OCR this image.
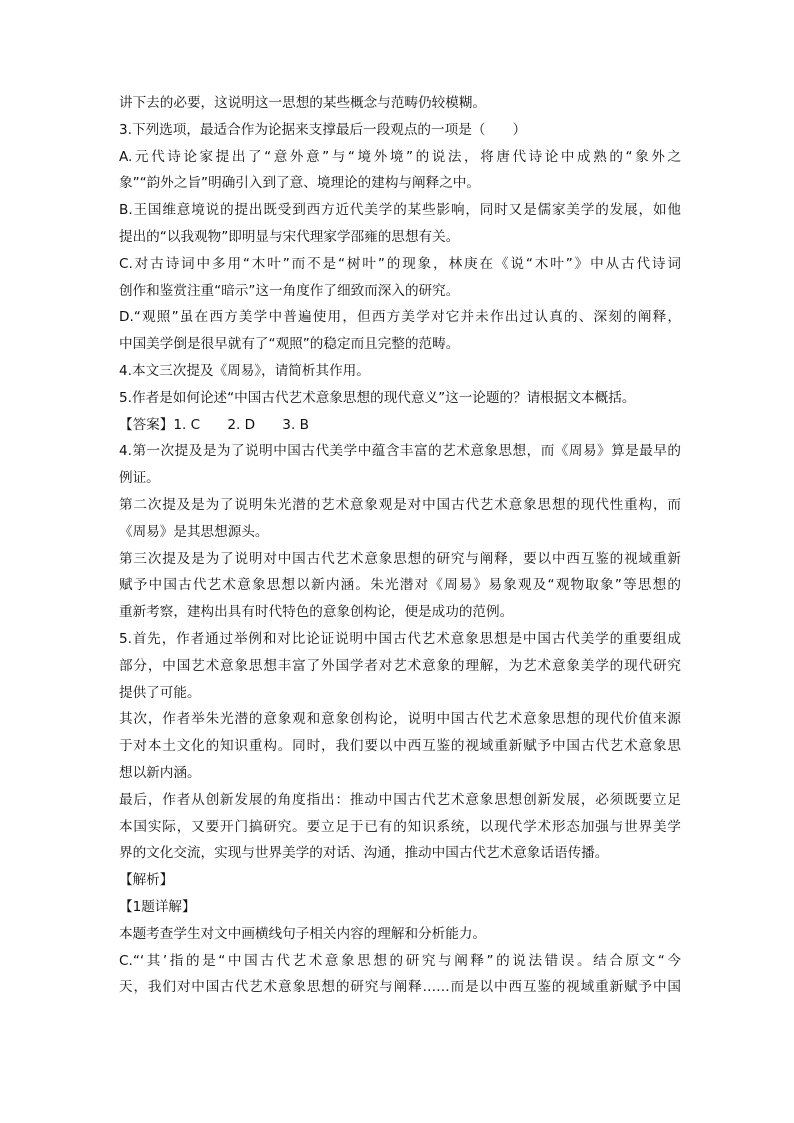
讲下去的必要，这说明这一思想的某些概念与范畴仍较模糊。
3.下列选项，最适合作为论据来支撑最后一段观点的一项是（　　）
A.元代诗论家提出了“意外意”与“境外境”的说法，将唐代诗论中成熟的“象外之
象”“韵外之旨”明确引入到了意、境理论的建构与阐释之中。
B.王国维意境说的提出既受到西方近代美学的某些影响，同时又是儒家美学的发展，如他
提出的“以我观物”即明显与宋代理家学邵雍的思想有关。
C.对古诗词中多用“木叶”而不是“树叶”的现象，林庚在《说“木叶”》中从古代诗词
创作和鉴赏注重“暗示”这一角度作了细致而深入的研究。
D.“观照”虽在西方美学中普遍使用，但西方美学对它并未作出过认真的、深刻的阐释，
中国美学倒是很早就有了“观照”的稳定而且完整的范畴。
4.本文三次提及《周易》，请简析其作用。
5.作者是如何论述“中国古代艺术意象思想的现代意义”这一论题的？请根据文本概括。
【答案】1. C　　2. D　　3. B
4.第一次提及是为了说明中国古代美学中蕴含丰富的艺术意象思想，而《周易》算是最早的
例证。
第二次提及是为了说明朱光潜的艺术意象观是对中国古代艺术意象思想的现代性重构，而
《周易》是其思想源头。
第三次提及是为了说明对中国古代艺术意象思想的研究与阐释，要以中西互鉴的视域重新
赋予中国古代艺术意象思想以新内涵。朱光潜对《周易》易象观及“观物取象”等思想的
重新考察，建构出具有时代特色的意象创构论，便是成功的范例。
5.首先，作者通过举例和对比论证说明中国古代艺术意象思想是中国古代美学的重要组成
部分，中国艺术意象思想丰富了外国学者对艺术意象的理解，为艺术意象美学的现代研究
提供了可能。
其次，作者举朱光潜的意象观和意象创构论，说明中国古代艺术意象思想的现代价值来源
于对本土文化的知识重构。同时，我们要以中西互鉴的视域重新赋予中国古代艺术意象思
想以新内涵。
最后，作者从创新发展的角度指出：推动中国古代艺术意象思想创新发展，必须既要立足
本国实际，又要开门搞研究。要立足于已有的知识系统，以现代学术形态加强与世界美学
界的文化交流，实现与世界美学的对话、沟通，推动中国古代艺术意象话语传播。
【解析】
【1题详解】
本题考查学生对文中画横线句子相关内容的理解和分析能力。
C.“‘其’指的是“中国古代艺术意象思想的研究与阐释”的说法错误。结合原文“今
天，我们对中国古代艺术意象思想的研究与阐释……而是以中西互鉴的视域重新赋予中国
